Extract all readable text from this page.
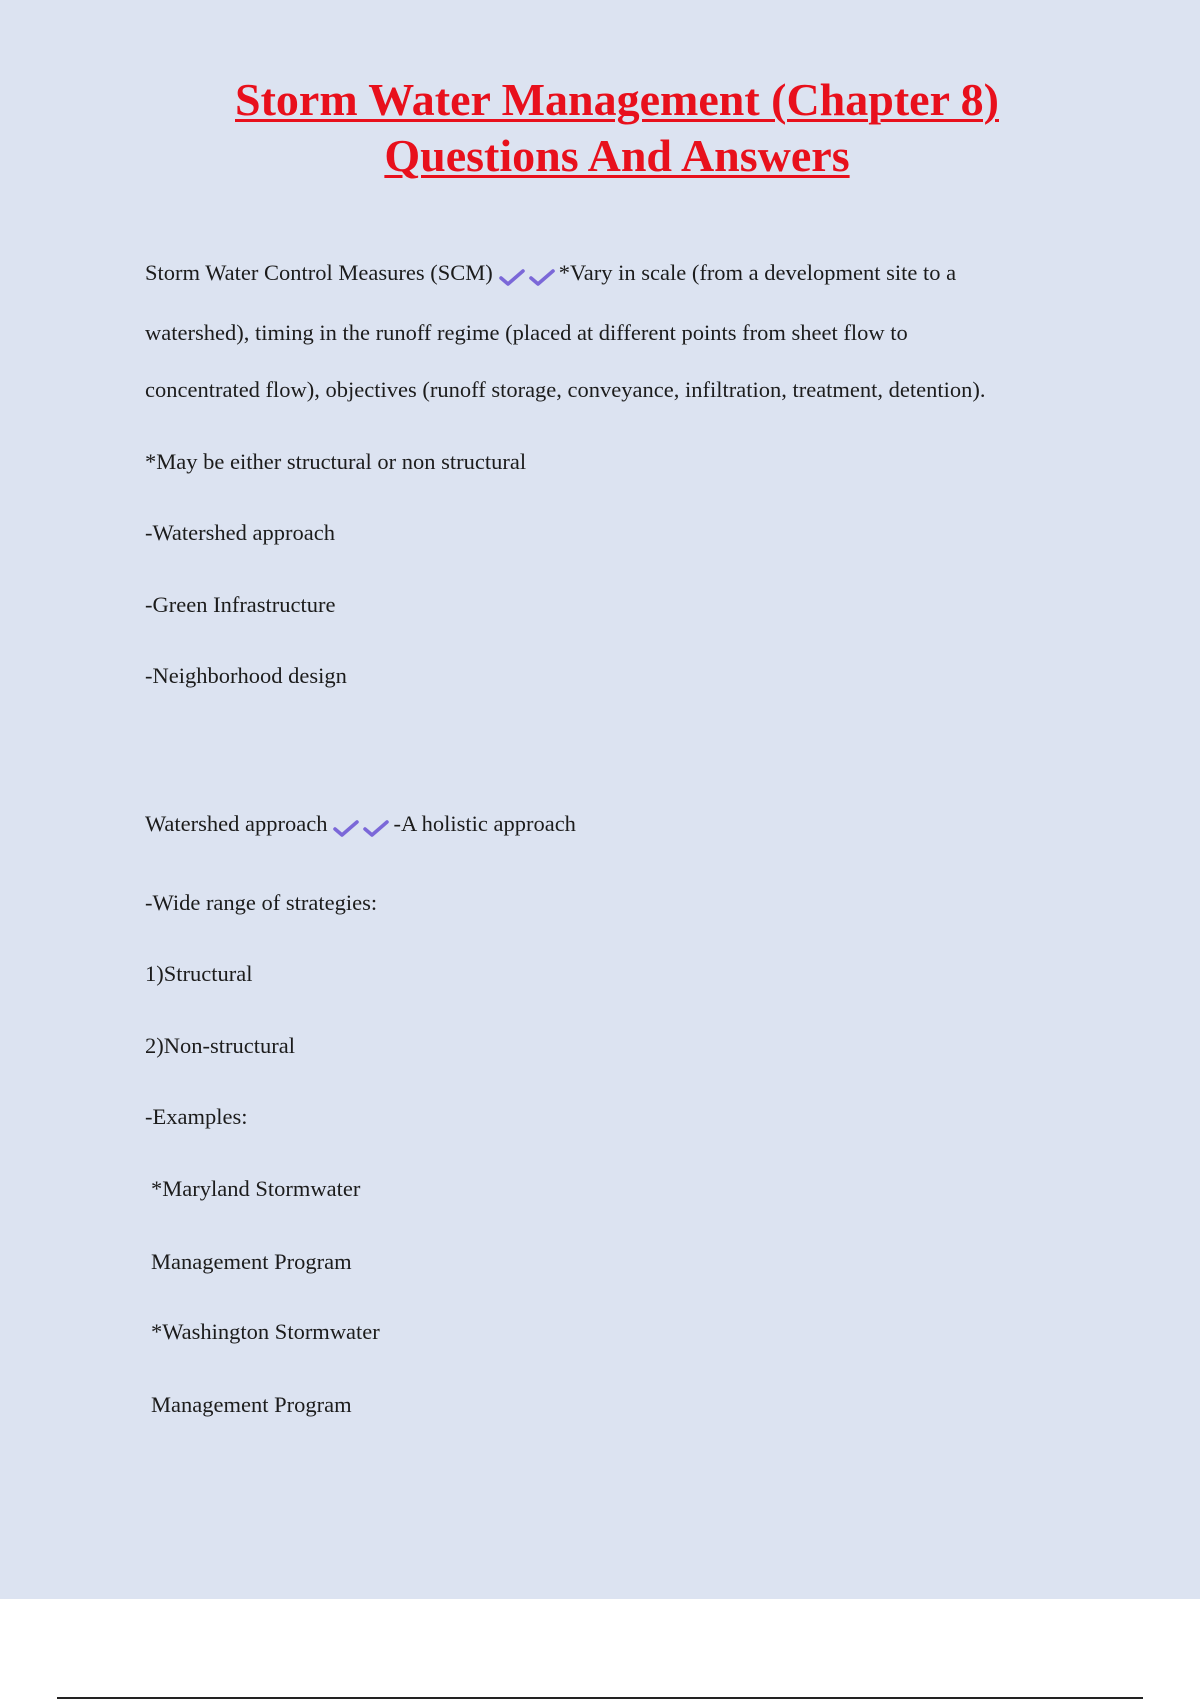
Storm Water Management (Chapter 8)
Questions And Answers
Storm Water Control Measures (SCM)	*Vary in scale (from a development site to a
watershed), timing in the runoff regime (placed at different points from sheet flow to
concentrated flow), objectives (runoff storage, conveyance, infiltration, treatment, detention).
*May be either structural or non structural
-Watershed approach
-Green Infrastructure
-Neighborhood design
Watershed approach	-A holistic approach
-Wide range of strategies:
1)Structural
2)Non-structural
-Examples:
*Maryland Stormwater
Management Program
*Washington Stormwater
Management Program
